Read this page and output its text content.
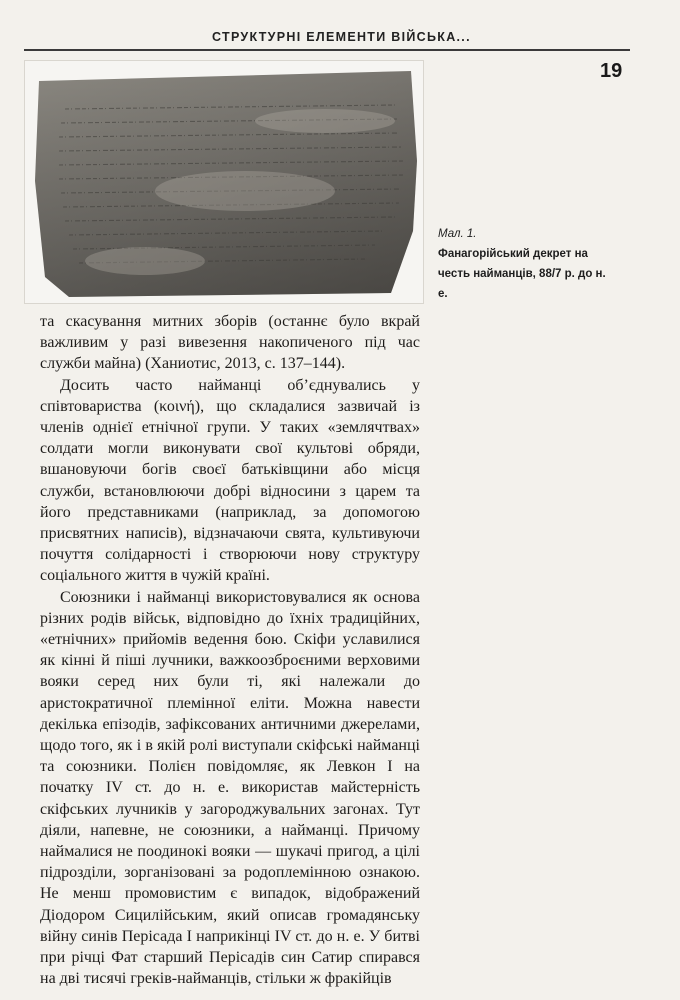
СТРУКТУРНІ ЕЛЕМЕНТИ ВІЙСЬКА...
19
Мал. 1.
Фанагорійський декрет на честь найманців, 88/7 р. до н. е.

та скасування митних зборів (останнє було вкрай важливим у разі вивезення накопиченого під час служби майна) (Ханиотис, 2013, с. 137–144).

Досить часто найманці об’єднувались у співтовариства (κοινή), що складалися зазвичай із членів однієї етнічної групи. У таких «землячтвах» солдати могли виконувати свої культові обряди, вшановуючи богів своєї батьківщини або місця служби, встановлюючи добрі відносини з царем та його представниками (наприклад, за допомогою присвятних написів), відзначаючи свята, культивуючи почуття солідарності і створюючи нову структуру соціального життя в чужій країні.

Союзники і найманці використовувалися як основа різних родів військ, відповідно до їхніх традиційних, «етнічних» прийомів ведення бою. Скіфи уславилися як кінні й піші лучники, важкоозброєними верховими вояки серед них були ті, які належали до аристократичної племінної еліти. Можна навести декілька епізодів, зафіксованих античними джерелами, щодо того, як і в якій ролі виступали скіфські найманці та союзники. Полієн повідомляє, як Левкон I на початку IV ст. до н. е. використав майстерність скіфських лучників у загороджувальних загонах. Тут діяли, напевне, не союзники, а найманці. Причому наймалися не поодинокі вояки — шукачі пригод, а цілі підрозділи, зорганізовані за родоплемінною ознакою. Не менш промовистим є випадок, відображений Діодором Сицилійським, який описав громадянську війну синів Перісада I наприкінці IV ст. до н. е. У битві при річці Фат старший Перісадів син Сатир спирався на дві тисячі греків-найманців, стільки ж фракійців
